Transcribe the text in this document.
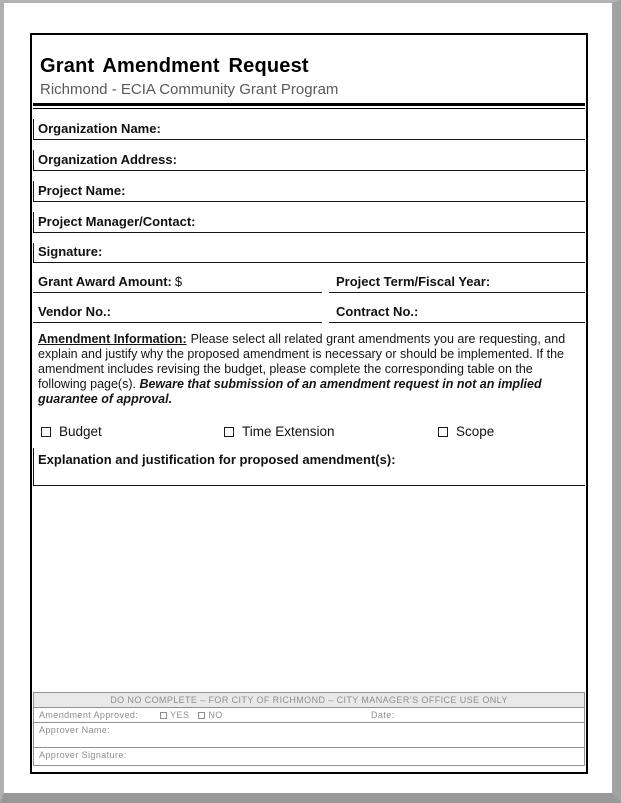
Grant Amendment Request
Richmond - ECIA Community Grant Program
Organization Name:
Organization Address:
Project Name:
Project Manager/Contact:
Signature:
Grant Award Amount: $	Project Term/Fiscal Year:
Vendor No.:	Contract No.:
Amendment Information: Please select all related grant amendments you are requesting, and explain and justify why the proposed amendment is necessary or should be implemented. If the amendment includes revising the budget, please complete the corresponding table on the following page(s). Beware that submission of an amendment request in not an implied guarantee of approval.
Budget	Time Extension	Scope
Explanation and justification for proposed amendment(s):
DO NO COMPLETE – FOR CITY OF RICHMOND – CITY MANAGER’S OFFICE USE ONLY
Amendment Approved:	YES NO	Date:
Approver Name:
Approver Signature:
